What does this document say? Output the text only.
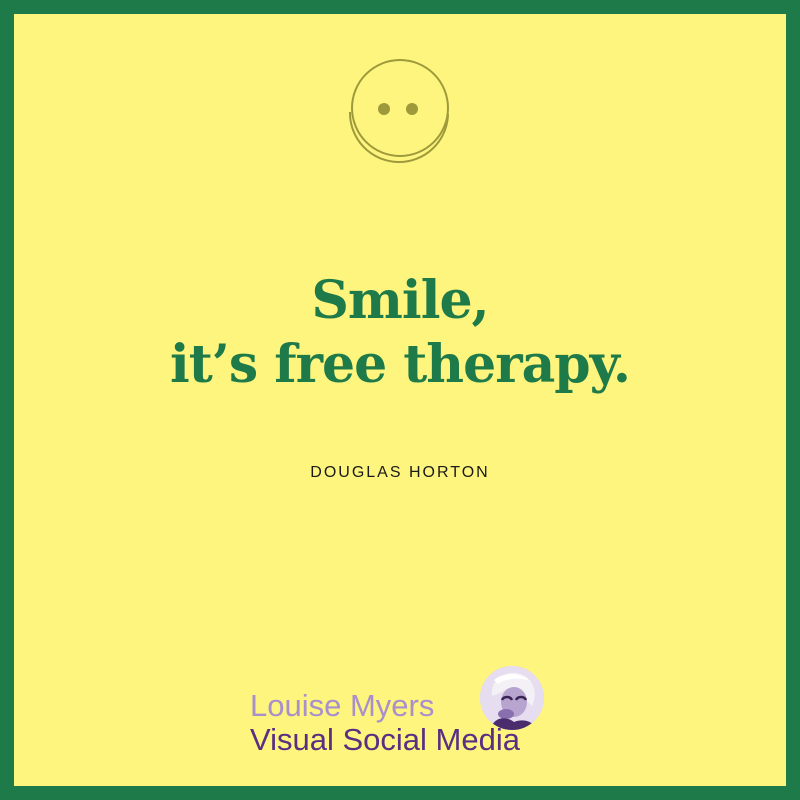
Smile,
it’s free therapy.
DOUGLAS HORTON
Louise Myers
Visual Social Media
